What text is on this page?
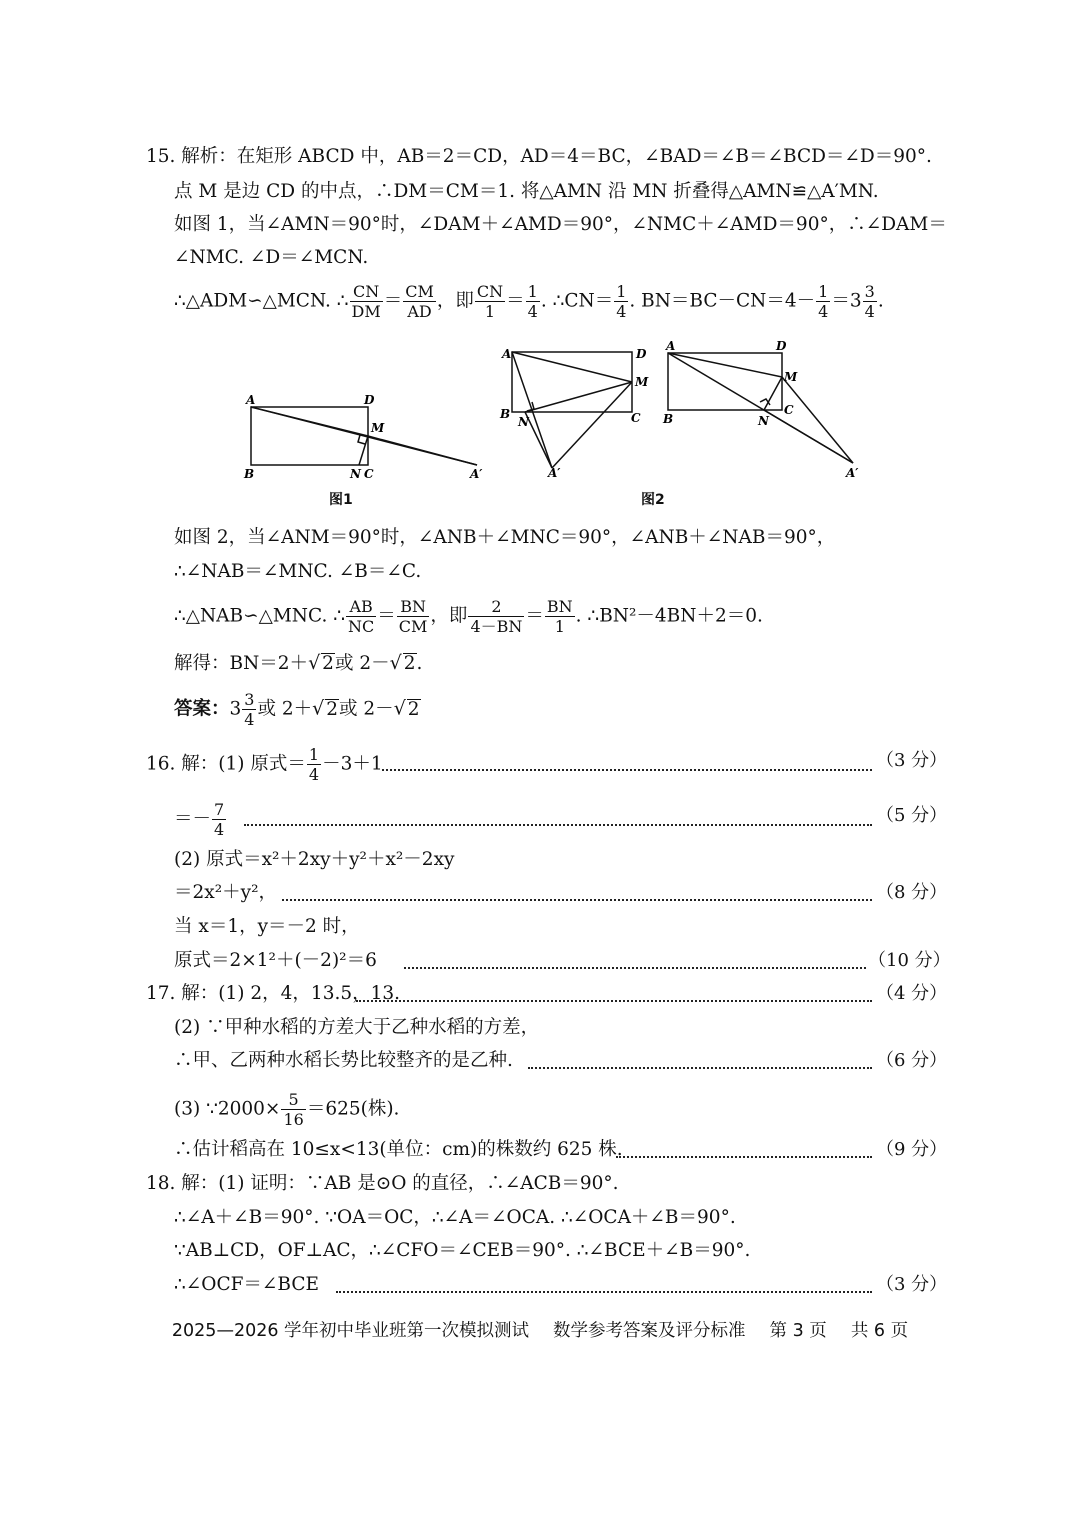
15. 解析：在矩形 ABCD 中，AB＝2＝CD，AD＝4＝BC，∠BAD＝∠B＝∠BCD＝∠D＝90°.
点 M 是边 CD 的中点，∴DM＝CM＝1. 将△AMN 沿 MN 折叠得△AMN≌△A′MN.
如图 1，当∠AMN＝90°时，∠DAM＋∠AMD＝90°，∠NMC＋∠AMD＝90°，∴∠DAM＝
∠NMC. ∠D＝∠MCN.
∴△ADM∽△MCN. ∴ $\frac{CN}{DM} = \frac{CM}{AD}$ ，即 $\frac{CN}{1} = \frac{1}{4}$ . ∴CN＝ $\frac{1}{4}$ . $BN=BC-CN=4- \frac{1}{4} =3 \frac{3}{4}$ .
A	D
M
B	N C	A′
图1
A	D
M
B
N	C
A′
A	D
M
B	N
C
A′
图2
如图 2，当∠ANM＝90°时，∠ANB＋∠MNC＝90°，∠ANB＋∠NAB＝90°，
∴∠NAB＝∠MNC. ∠B＝∠C.
∴△NAB∽△MNC. ∴ $\frac{AB}{NC} = \frac{BN}{CM}$ ，即 $\frac{2}{4-BN} = \frac{BN}{1}$ . ∴BN²－4BN＋2＝0.
解得：BN＝2＋√ 2或 2－√ 2.
答案：$3 \frac{3}{4}$ 或 2＋√ 2或 2－√ 2
16. 解：(1) 原式＝ $\frac{1}{4} -3+1$	（3 分）
＝－ $\frac{7}{4}$	（5 分）
(2) 原式＝x²＋2xy＋y²＋x²－2xy
＝2x²＋y²，	（8 分）
当 x＝1，y＝－2 时，
原式＝2×1²＋(－2)²＝6	（10 分）
17. 解：(1) 2，4，13.5，13.	（4 分）
(2) ∵甲种水稻的方差大于乙种水稻的方差，
∴甲、乙两种水稻长势比较整齐的是乙种.	（6 分）
(3) ∵2000× $\frac{5}{16} =625$(株).
∴估计稻高在 10≤x<13(单位：cm)的株数约 625 株.	（9 分）
18. 解：(1) 证明：∵AB 是⊙O 的直径，∴∠ACB＝90°.
∴∠A＋∠B＝90°. ∵OA＝OC，∴∠A＝∠OCA. ∴∠OCA＋∠B＝90°.
∵AB⊥CD，OF⊥AC，∴∠CFO＝∠CEB＝90°. ∴∠BCE＋∠B＝90°.
∴∠OCF＝∠BCE	（3 分）
2025—2026 学年初中毕业班第一次模拟测试 数学参考答案及评分标准 第 3 页 共 6 页
